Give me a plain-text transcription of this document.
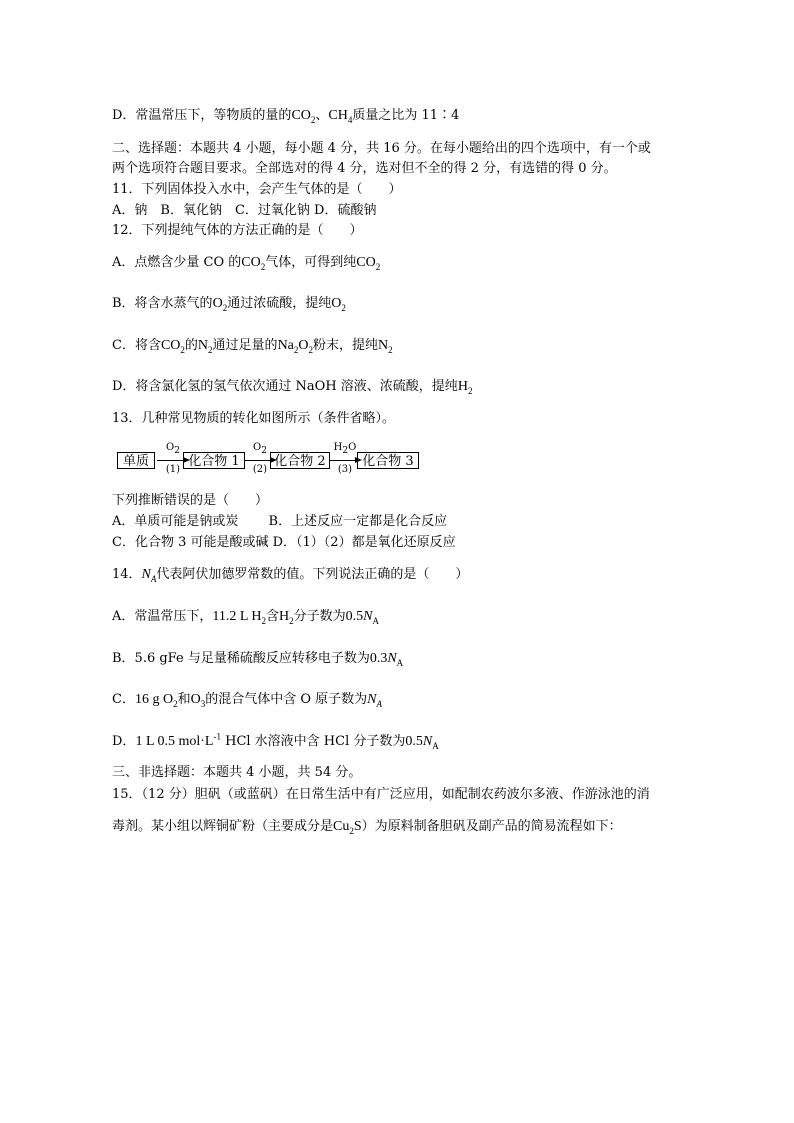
D．常温常压下，等物质的量的$CO_2$、$CH_4$质量之比为 11∶4
二、选择题：本题共 4 小题，每小题 4 分，共 16 分。在每小题给出的四个选项中，有一个或
两个选项符合题目要求。全部选对的得 4 分，选对但不全的得 2 分，有选错的得 0 分。
11．下列固体投入水中，会产生气体的是（　　）
A．钠　B．氧化钠　C．过氧化钠 D．硫酸钠
12．下列提纯气体的方法正确的是（　　）
A．点燃含少量 CO 的$CO_2$气体，可得到纯$CO_2$
B．将含水蒸气的$O_2$通过浓硫酸，提纯$O_2$
C．将含$CO_2$的$N_2$通过足量的$Na_2O_2$粉末，提纯$N_2$
D．将含氯化氢的氢气依次通过 NaOH 溶液、浓硫酸，提纯$H_2$
13．几种常见物质的转化如图所示（条件省略）。
单质
$O_2$
(1)
化合物 1
$O_2$
(2)
化合物 2
$H_2O$
(3)
化合物 3
下列推断错误的是（　　）
A．单质可能是钠或炭　　 B．上述反应一定都是化合反应
C．化合物 3 可能是酸或碱 D．（1）（2）都是氧化还原反应
14．$N_A$代表阿伏加德罗常数的值。下列说法正确的是（　　）
A．常温常压下，11.2 L $H_2$含$H_2$分子数为$0.5N_A$
B．5.6 gFe 与足量稀硫酸反应转移电子数为$0.3N_A$
C．16 g $O_2$和$O_3$的混合气体中含 O 原子数为$N_A$
D．1 L 0.5 $mol\cdot L^{-1}$ HCl 水溶液中含 HCl 分子数为$0.5N_A$
三、非选择题：本题共 4 小题，共 54 分。
15．（12 分）胆矾（或蓝矾）在日常生活中有广泛应用，如配制农药波尔多液、作游泳池的消
毒剂。某小组以辉铜矿粉（主要成分是$Cu_2S$）为原料制备胆矾及副产品的简易流程如下：
